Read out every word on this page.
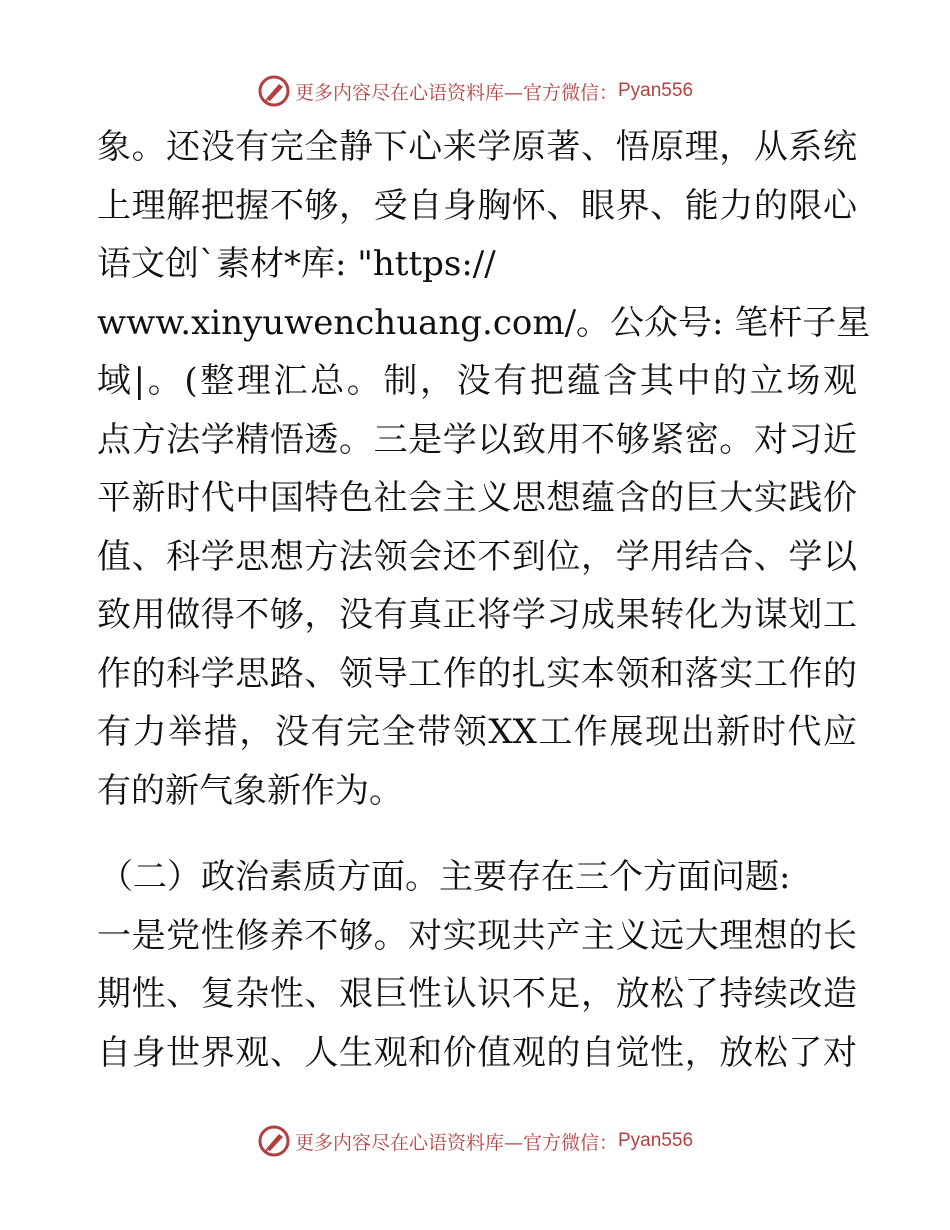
更多内容尽在心语资料库—官方微信： Pyan556
象。还没有完全静下心来学原著、悟原理，从系统
上理解把握不够，受自身胸怀、眼界、能力的限心
语文创`素材*库: "https://
www.xinyuwenchuang.com/。公众号: 笔杆子星
域|。(整理汇总。制，没有把蕴含其中的立场观
点方法学精悟透。三是学以致用不够紧密。对习近
平新时代中国特色社会主义思想蕴含的巨大实践价
值、科学思想方法领会还不到位，学用结合、学以
致用做得不够，没有真正将学习成果转化为谋划工
作的科学思路、领导工作的扎实本领和落实工作的
有力举措，没有完全带领XX工作展现出新时代应
有的新气象新作为。
（二）政治素质方面。主要存在三个方面问题:
一是党性修养不够。对实现共产主义远大理想的长
期性、复杂性、艰巨性认识不足，放松了持续改造
自身世界观、人生观和价值观的自觉性，放松了对
更多内容尽在心语资料库—官方微信： Pyan556
